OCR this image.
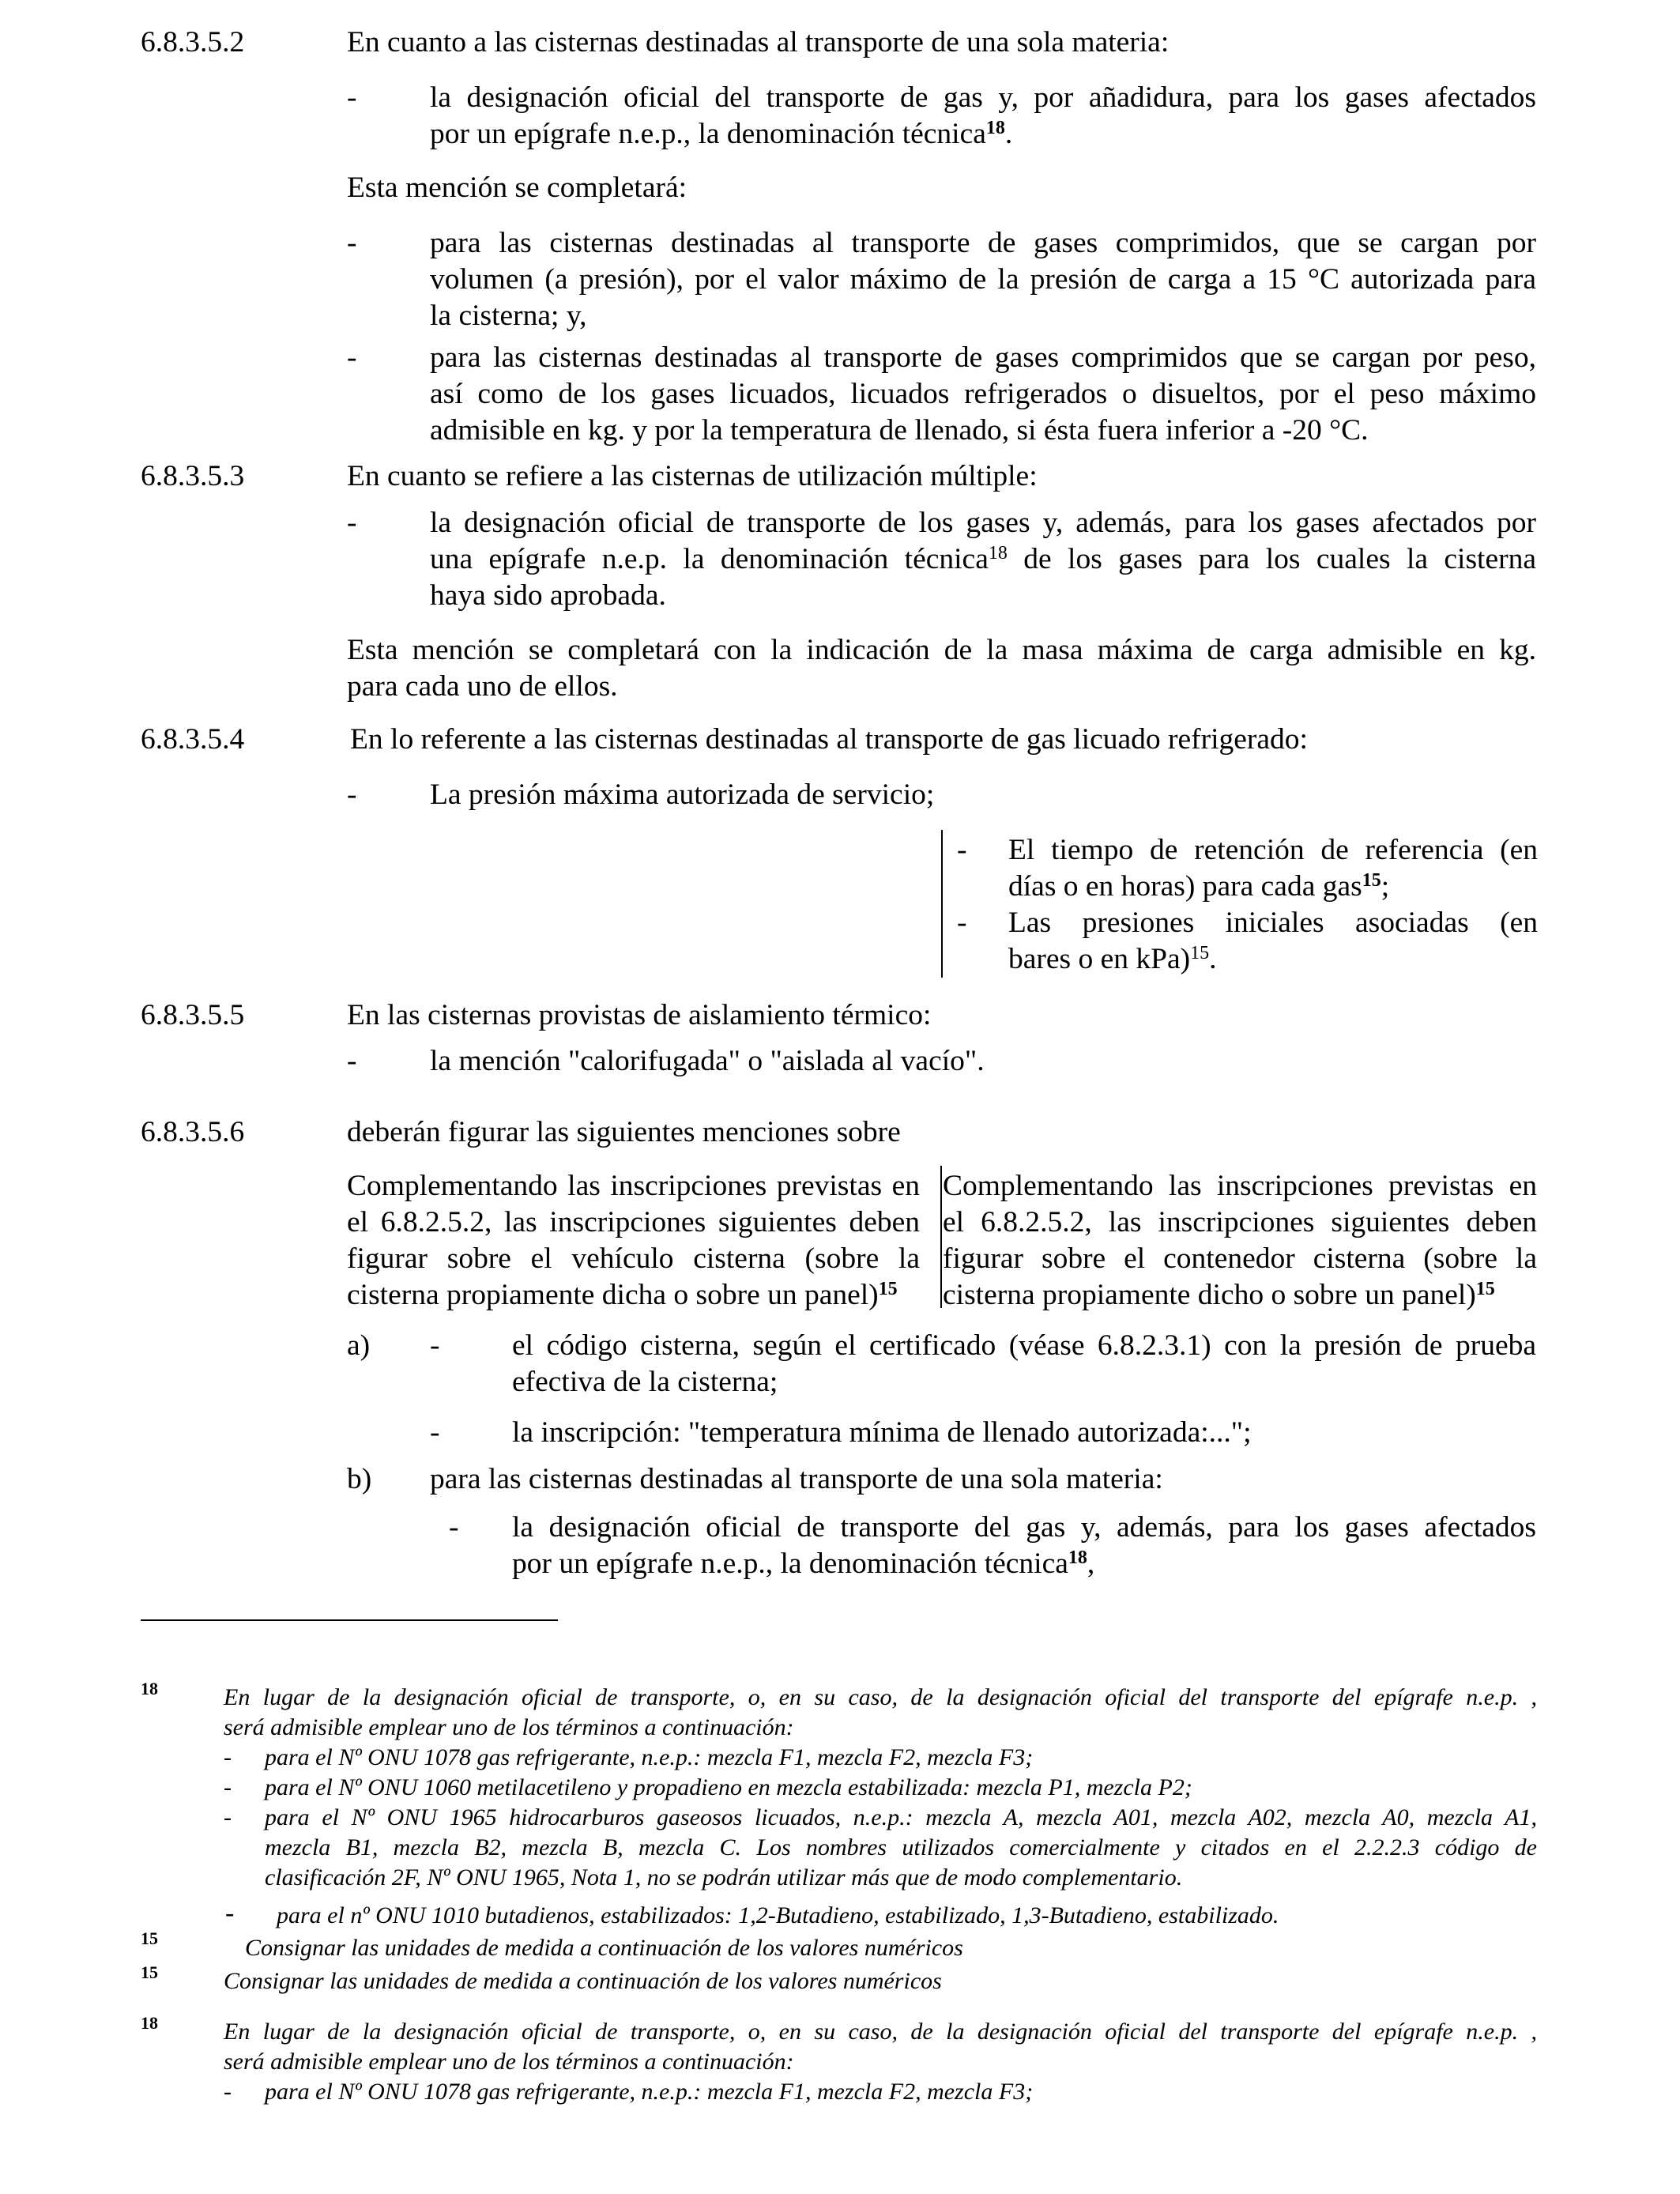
6.8.3.5.2	En cuanto a las cisternas destinadas al transporte de una sola materia:
- la designación oficial del transporte de gas y, por añadidura, para los gases afectados
por un epígrafe n.e.p., la denominación técnica$^{18}$.
Esta mención se completará:
- para las cisternas destinadas al transporte de gases comprimidos, que se cargan por
volumen (a presión), por el valor máximo de la presión de carga a 15 °C autorizada para
la cisterna; y,
- para las cisternas destinadas al transporte de gases comprimidos que se cargan por peso,
así como de los gases licuados, licuados refrigerados o disueltos, por el peso máximo
admisible en kg. y por la temperatura de llenado, si ésta fuera inferior a -20 °C.
6.8.3.5.3	En cuanto se refiere a las cisternas de utilización múltiple:
- la designación oficial de transporte de los gases y, además, para los gases afectados por
una epígrafe n.e.p. la denominación técnica$^{18}$ de los gases para los cuales la cisterna
haya sido aprobada.
Esta mención se completará con la indicación de la masa máxima de carga admisible en kg.
para cada uno de ellos.
6.8.3.5.4	En lo referente a las cisternas destinadas al transporte de gas licuado refrigerado:
- La presión máxima autorizada de servicio;
- El tiempo de retención de referencia (en
días o en horas) para cada gas$^{15}$;
- Las presiones iniciales asociadas (en
bares o en kPa)$^{15}$.
6.8.3.5.5	En las cisternas provistas de aislamiento térmico:
- la mención "calorifugada" o "aislada al vacío".
6.8.3.5.6	deberán figurar las siguientes menciones sobre
Complementando las inscripciones previstas en
el 6.8.2.5.2, las inscripciones siguientes deben
figurar sobre el vehículo cisterna (sobre la
cisterna propiamente dicha o sobre un panel)$^{15}$
Complementando las inscripciones previstas en
el 6.8.2.5.2, las inscripciones siguientes deben
figurar sobre el contenedor cisterna (sobre la
cisterna propiamente dicho o sobre un panel)$^{15}$
a) - el código cisterna, según el certificado (véase 6.8.2.3.1) con la presión de prueba
efectiva de la cisterna;
- la inscripción: "temperatura mínima de llenado autorizada:...";
b) para las cisternas destinadas al transporte de una sola materia:
- la designación oficial de transporte del gas y, además, para los gases afectados
por un epígrafe n.e.p., la denominación técnica$^{18}$,
18	En lugar de la designación oficial de transporte, o, en su caso, de la designación oficial del transporte del epígrafe n.e.p. ,
será admisible emplear uno de los términos a continuación:
- para el Nº ONU 1078 gas refrigerante, n.e.p.: mezcla F1, mezcla F2, mezcla F3;
- para el Nº ONU 1060 metilacetileno y propadieno en mezcla estabilizada: mezcla P1, mezcla P2;
- para el Nº ONU 1965 hidrocarburos gaseosos licuados, n.e.p.: mezcla A, mezcla A01, mezcla A02, mezcla A0, mezcla A1,
mezcla B1, mezcla B2, mezcla B, mezcla C. Los nombres utilizados comercialmente y citados en el 2.2.2.3 código de
clasificación 2F, Nº ONU 1965, Nota 1, no se podrán utilizar más que de modo complementario.
- para el nº ONU 1010 butadienos, estabilizados: 1,2-Butadieno, estabilizado, 1,3-Butadieno, estabilizado.
15	Consignar las unidades de medida a continuación de los valores numéricos
15	Consignar las unidades de medida a continuación de los valores numéricos
18	En lugar de la designación oficial de transporte, o, en su caso, de la designación oficial del transporte del epígrafe n.e.p. ,
será admisible emplear uno de los términos a continuación:
- para el Nº ONU 1078 gas refrigerante, n.e.p.: mezcla F1, mezcla F2, mezcla F3;
